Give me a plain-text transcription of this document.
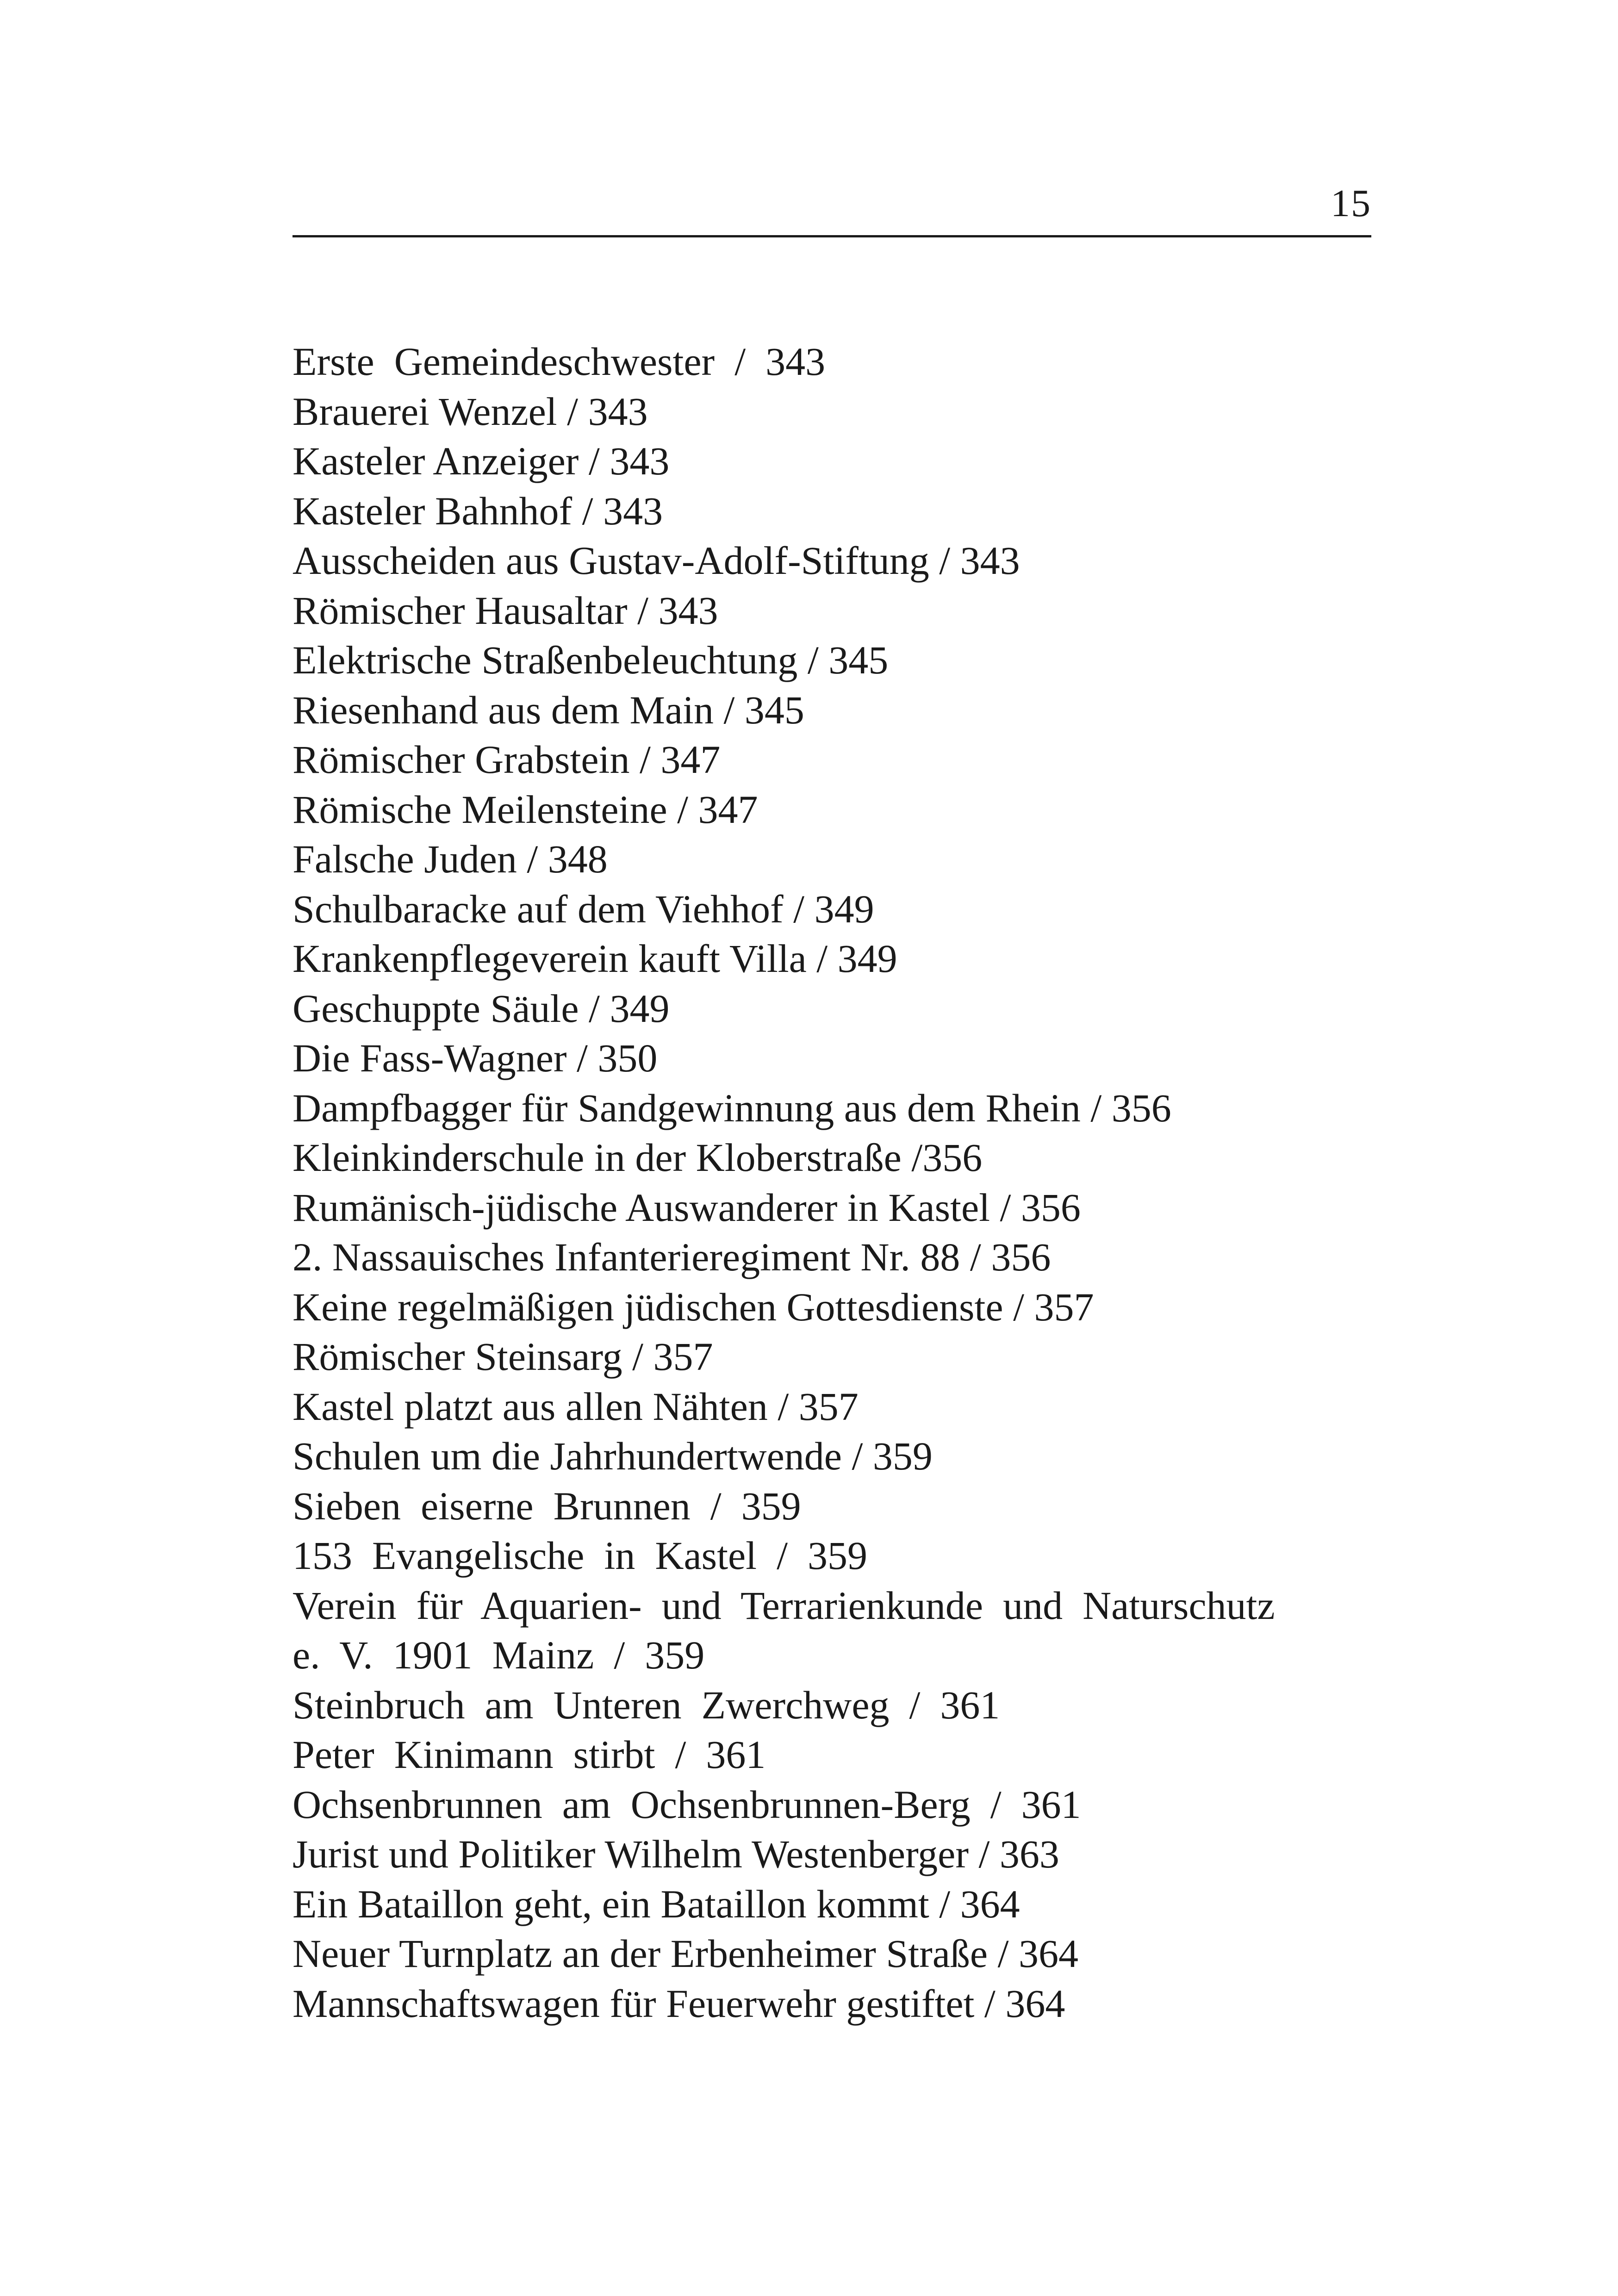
15
Erste  Gemeindeschwester  /  343
Brauerei Wenzel / 343
Kasteler Anzeiger / 343
Kasteler Bahnhof / 343
Ausscheiden aus Gustav-Adolf-Stiftung / 343
Römischer Hausaltar / 343
Elektrische Straßenbeleuchtung / 345
Riesenhand aus dem Main / 345
Römischer Grabstein / 347
Römische Meilensteine / 347
Falsche Juden / 348
Schulbaracke auf dem Viehhof / 349
Krankenpflegeverein kauft Villa / 349
Geschuppte Säule / 349
Die Fass-Wagner / 350
Dampfbagger für Sandgewinnung aus dem Rhein / 356
Kleinkinderschule in der Kloberstraße /356
Rumänisch-jüdische Auswanderer in Kastel / 356
2. Nassauisches Infanterieregiment Nr. 88 / 356
Keine regelmäßigen jüdischen Gottesdienste / 357
Römischer Steinsarg / 357
Kastel platzt aus allen Nähten / 357
Schulen um die Jahrhundertwende / 359
Sieben  eiserne  Brunnen  /  359
153  Evangelische  in  Kastel  /  359
Verein  für  Aquarien-  und  Terrarienkunde  und  Naturschutz
e.  V.  1901  Mainz  /  359
Steinbruch  am  Unteren  Zwerchweg  /  361
Peter  Kinimann  stirbt  /  361
Ochsenbrunnen  am  Ochsenbrunnen-Berg  /  361
Jurist und Politiker Wilhelm Westenberger / 363
Ein Bataillon geht, ein Bataillon kommt / 364
Neuer Turnplatz an der Erbenheimer Straße / 364
Mannschaftswagen für Feuerwehr gestiftet / 364
